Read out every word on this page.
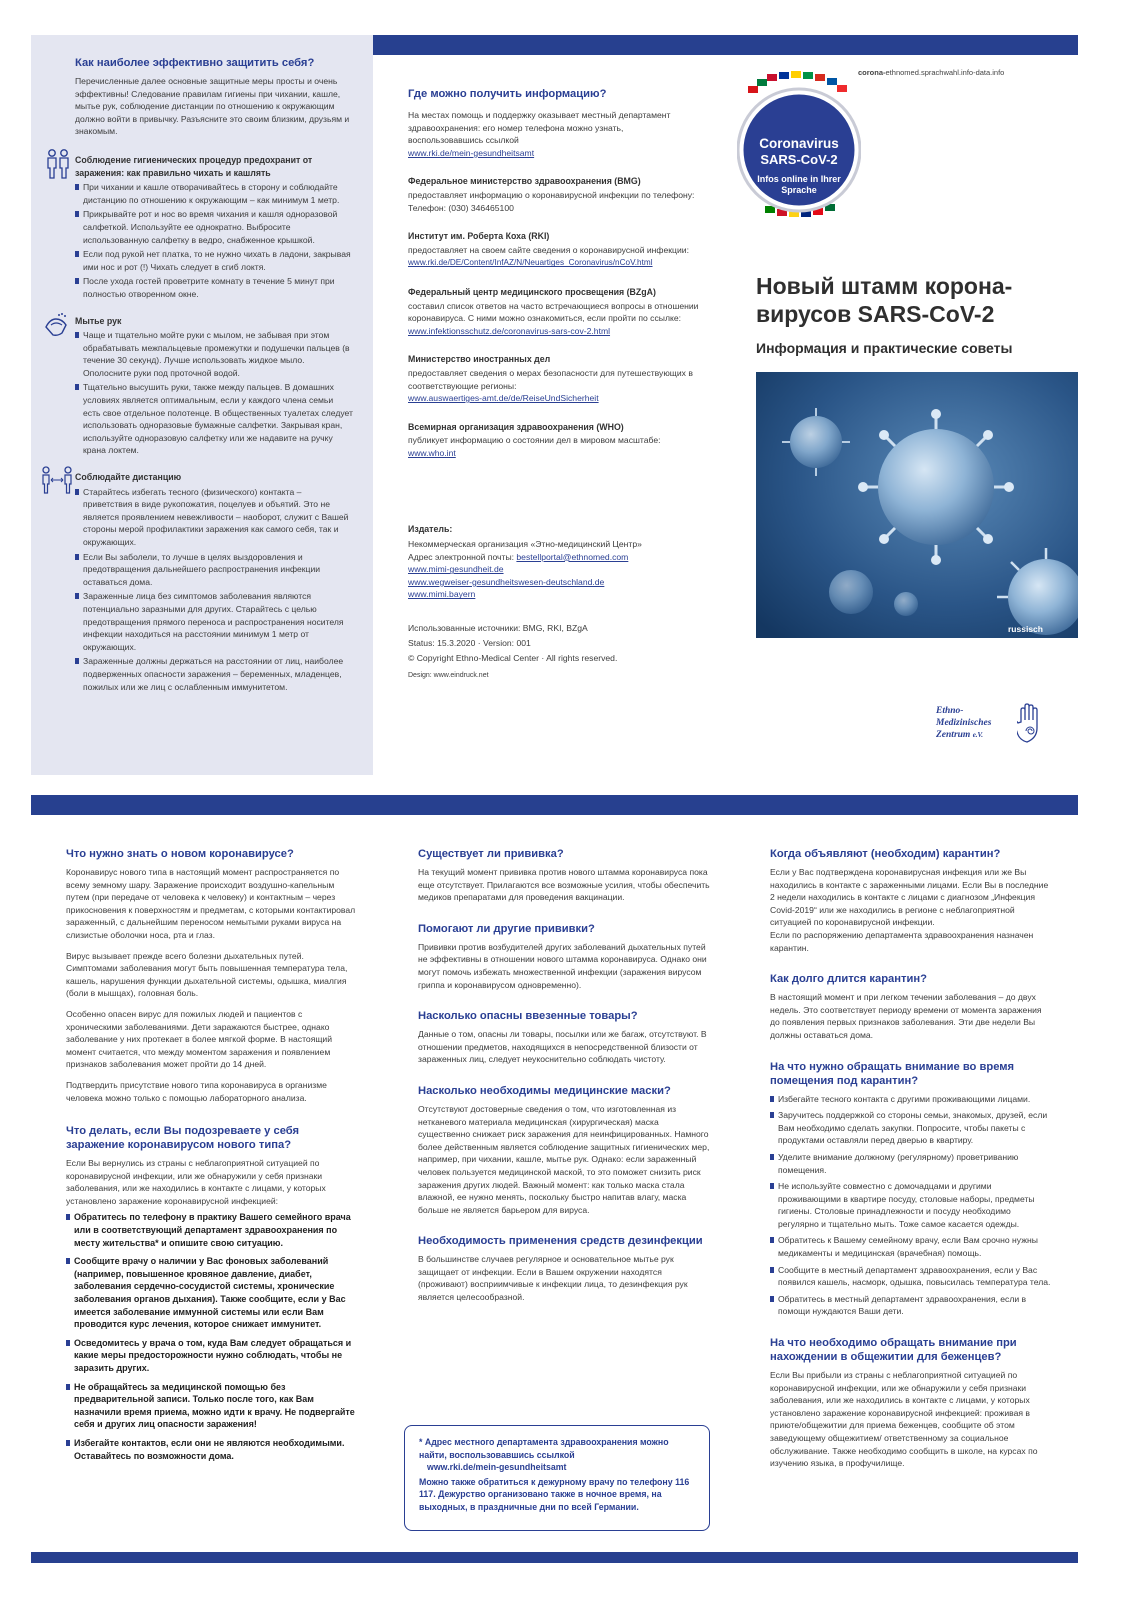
Как наиболее эффективно защитить себя?

Перечисленные далее основные защитные меры просты и очень эффективны! Следование правилам гигиены при чихании, кашле, мытье рук, соблюдение дистанции по отношению к окружающим должно войти в привычку. Разъясните это своим близким, друзьям и знакомым.

Соблюдение гигиенических процедур предохранит от заражения: как правильно чихать и кашлять
При чихании и кашле отворачивайтесь в сторону и соблюдайте дистанцию по отношению к окружающим – как минимум 1 метр.
Прикрывайте рот и нос во время чихания и кашля одноразовой салфеткой. Используйте ее однократно. Выбросите использованную салфетку в ведро, снабженное крышкой.
Если под рукой нет платка, то не нужно чихать в ладони, закрывая ими нос и рот (!) Чихать следует в сгиб локтя.
После ухода гостей проветрите комнату в течение 5 минут при полностью отворенном окне.
Мытье рук
Чаще и тщательно мойте руки с мылом, не забывая при этом обрабатывать межпальцевые промежутки и подушечки пальцев (в течение 30 секунд). Лучше использовать жидкое мыло. Ополосните руки под проточной водой.
Тщательно высушить руки, также между пальцев. В домашних условиях является оптимальным, если у каждого члена семьи есть свое отдельное полотенце. В общественных туалетах следует использовать одноразовые бумажные салфетки. Закрывая кран, используйте одноразовую салфетку или же надавите на ручку крана локтем.
Соблюдайте дистанцию
Старайтесь избегать тесного (физического) контакта – приветствия в виде рукопожатия, поцелуев и объятий. Это не является проявлением невежливости – наоборот, служит с Вашей стороны мерой профилактики заражения как самого себя, так и окружающих.
Если Вы заболели, то лучше в целях выздоровления и предотвращения дальнейшего распространения инфекции оставаться дома.
Зараженные лица без симптомов заболевания являются потенциально заразными для других. Старайтесь с целью предотвращения прямого переноса и распространения носителя инфекции находиться на расстоянии минимум 1 метр от окружающих.
Зараженные должны держаться на расстоянии от лиц, наиболее подверженных опасности заражения – беременных, младенцев, пожилых или же лиц с ослабленным иммунитетом.
Где можно получить информацию?
На местах помощь и поддержку оказывает местный департамент здравоохранения: его номер телефона можно узнать, воспользовавшись ссылкой
www.rki.de/mein-gesundheitsamt
Федеральное министерство здравоохранения (BMG)
предоставляет информацию о коронавирусной инфекции по телефону:
Телефон: (030) 346465100
Институт им. Роберта Коха (RKI)
предоставляет на своем сайте сведения о коронавирусной инфекции:
www.rki.de/DE/Content/InfAZ/N/Neuartiges_Coronavirus/nCoV.html
Федеральный центр медицинского просвещения (BZgA)
составил список ответов на часто встречающиеся вопросы в отношении коронавируса. С ними можно ознакомиться, если пройти по ссылке:
www.infektionsschutz.de/coronavirus-sars-cov-2.html
Министерство иностранных дел
предоставляет сведения о мерах безопасности для путешествующих в соответствующие регионы:
www.auswaertiges-amt.de/de/ReiseUndSicherheit
Всемирная организация здравоохранения (WHO)
публикует информацию о состоянии дел в мировом масштабе:
www.who.int
Издатель:
Некоммерческая организация «Этно-медицинский Центр»
Адрес электронной почты: bestellportal@ethnomed.com
www.mimi-gesundheit.de
www.wegweiser-gesundheitswesen-deutschland.de
www.mimi.bayern
Использованные источники: BMG, RKI, BZgA
Status: 15.3.2020 · Version: 001
© Copyright Ethno-Medical Center · All rights reserved.
Design: www.eindruck.net
corona-ethnomed.sprachwahl.info-data.info
Coronavirus
SARS-CoV-2
Infos online in Ihrer
Sprache
Новый штамм корона-
вирусов SARS-CoV-2
Информация и практические советы
russisch
Ethno-
Medizinisches
Zentrum e.V.
Что нужно знать о новом коронавирусе?

Коронавирус нового типа в настоящий момент распространяется по всему земному шару. Заражение происходит воздушно-капельным путем (при передаче от человека к человеку) и контактным – через прикосновения к поверхностям и предметам, с которыми контактировал зараженный, с дальнейшим переносом немытыми руками вируса на слизистые оболочки носа, рта и глаз.

Вирус вызывает прежде всего болезни дыхательных путей. Симптомами заболевания могут быть повышенная температура тела, кашель, нарушения функции дыхательной системы, одышка, миалгия (боли в мышцах), головная боль.

Особенно опасен вирус для пожилых людей и пациентов с хроническими заболеваниями. Дети заражаются быстрее, однако заболевание у них протекает в более мягкой форме. В настоящий момент считается, что между моментом заражения и появлением признаков заболевания может пройти до 14 дней.

Подтвердить присутствие нового типа коронавируса в организме человека можно только с помощью лабораторного анализа.

Что делать, если Вы подозреваете у себя заражение коронавирусом нового типа?

Если Вы вернулись из страны с неблагоприятной ситуацией по коронавирусной инфекции, или же обнаружили у себя признаки заболевания, или же находились в контакте с лицами, у которых установлено заражение коронавирусной инфекцией:

Обратитесь по телефону в практику Вашего семейного врача или в соответствующий департамент здравоохранения по месту жительства* и опишите свою ситуацию.
Сообщите врачу о наличии у Вас фоновых заболеваний (например, повышенное кровяное давление, диабет, заболевания сердечно-сосудистой системы, хронические заболевания органов дыхания). Также сообщите, если у Вас имеется заболевание иммунной системы или если Вам проводится курс лечения, которое снижает иммунитет.
Осведомитесь у врача о том, куда Вам следует обращаться и какие меры предосторожности нужно соблюдать, чтобы не заразить других.
Не обращайтесь за медицинской помощью без предварительной записи. Только после того, как Вам назначили время приема, можно идти к врачу. Не подвергайте себя и других лиц опасности заражения!
Избегайте контактов, если они не являются необходимыми. Оставайтесь по возможности дома.
Существует ли прививка?
На текущий момент прививка против нового штамма коронавируса пока еще отсутствует. Прилагаются все возможные усилия, чтобы обеспечить медиков препаратами для проведения вакцинации.
Помогают ли другие прививки?
Прививки против возбудителей других заболеваний дыхательных путей не эффективны в отношении нового штамма коронавируса. Однако они могут помочь избежать множественной инфекции (заражения вирусом гриппа и коронавирусом одновременно).
Насколько опасны ввезенные товары?
Данные о том, опасны ли товары, посылки или же багаж, отсутствуют. В отношении предметов, находящихся в непосредственной близости от зараженных лиц, следует неукоснительно соблюдать чистоту.
Насколько необходимы медицинские маски?
Отсутствуют достоверные сведения о том, что изготовленная из нетканевого материала медицинская (хирургическая) маска существенно снижает риск заражения для неинфицированных. Намного более действенным является соблюдение защитных гигиенических мер, например, при чихании, кашле, мытье рук. Однако: если зараженный человек пользуется медицинской маской, то это поможет снизить риск заражения других людей. Важный момент: как только маска стала влажной, ее нужно менять, поскольку быстро напитав влагу, маска больше не является барьером для вируса.
Необходимость применения средств дезинфекции
В большинстве случаев регулярное и основательное мытье рук защищает от инфекции. Если в Вашем окружении находятся (проживают) восприимчивые к инфекции лица, то дезинфекция рук является целесообразной.
* Адрес местного департамента здравоохранения можно найти, воспользовавшись ссылкой
www.rki.de/mein-gesundheitsamt
Можно также обратиться к дежурному врачу по телефону 116 117. Дежурство организовано также в ночное время, на выходных, в праздничные дни по всей Германии.
Когда объявляют (необходим) карантин?

Если у Вас подтверждена коронавирусная инфекция или же Вы находились в контакте с зараженными лицами. Если Вы в последние 2 недели находились в контакте с лицами с диагнозом „Инфекция Covid-2019“ или же находились в регионе с неблагоприятной ситуацией по коронавирусной инфекции.

Если по распоряжению департамента здравоохранения назначен карантин.

Как долго длится карантин?

В настоящий момент и при легком течении заболевания – до двух недель. Это соответствует периоду времени от момента заражения до появления первых признаков заболевания. Эти две недели Вы должны оставаться дома.

На что нужно обращать внимание во время помещения под карантин?
Избегайте тесного контакта с другими проживающими лицами.
Заручитесь поддержкой со стороны семьи, знакомых, друзей, если Вам необходимо сделать закупки. Попросите, чтобы пакеты с продуктами оставляли перед дверью в квартиру.
Уделите внимание должному (регулярному) проветриванию помещения.
Не используйте совместно с домочадцами и другими проживающими в квартире посуду, столовые наборы, предметы гигиены. Столовые принадлежности и посуду необходимо регулярно и тщательно мыть. Тоже самое касается одежды.
Обратитесь к Вашему семейному врачу, если Вам срочно нужны медикаменты и медицинская (врачебная) помощь.
Сообщите в местный департамент здравоохранения, если у Вас появился кашель, насморк, одышка, повысилась температура тела.
Обратитесь в местный департамент здравоохранения, если в помощи нуждаются Ваши дети.
На что необходимо обращать внимание при нахождении в общежитии для беженцев?

Если Вы прибыли из страны с неблагоприятной ситуацией по коронавирусной инфекции, или же обнаружили у себя признаки заболевания, или же находились в контакте с лицами, у которых установлено заражение коронавирусной инфекцией: проживая в приюте/общежитии для приема беженцев, сообщите об этом заведующему общежитием/ ответственному за социальное обслуживание. Также необходимо сообщить в школе, на курсах по изучению языка, в профучилище.
